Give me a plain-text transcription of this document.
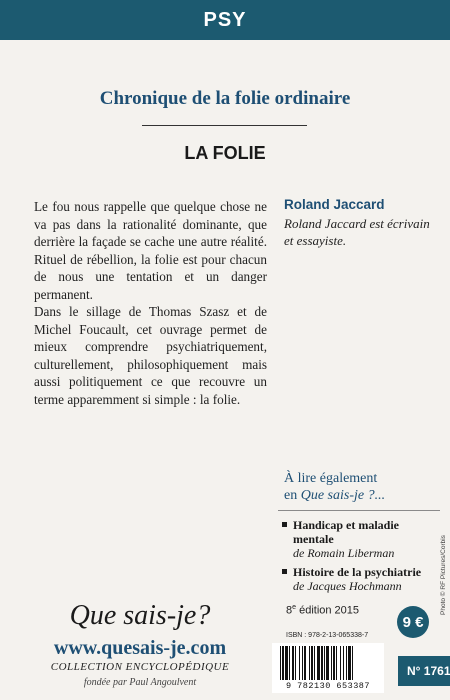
PSY
Chronique de la folie ordinaire
LA FOLIE

Le fou nous rappelle que quelque chose ne va pas dans la rationalité dominante, que derrière la façade se cache une autre réalité. Rituel de rébellion, la folie est pour chacun de nous une tentation et un danger permanent.

Dans le sillage de Thomas Szasz et de Michel Foucault, cet ouvrage permet de mieux comprendre psychiatriquement, culturellement, philosophiquement mais aussi politiquement ce que recouvre un terme apparemment si simple : la folie.

Roland Jaccard
Roland Jaccard est écrivain et essayiste.
À lire également
en Que sais-je ?...
Handicap et maladie mentale
de Romain Liberman
Histoire de la psychiatrie
de Jacques Hochmann	Photo © RF Pictures/Corbis
Que sais-je?
www.quesais-je.com
COLLECTION ENCYCLOPÉDIQUE
fondée par Paul Angoulvent
8e édition 2015
9 €
ISBN : 978-2-13-065338-7
9 782130 653387
N° 1761
